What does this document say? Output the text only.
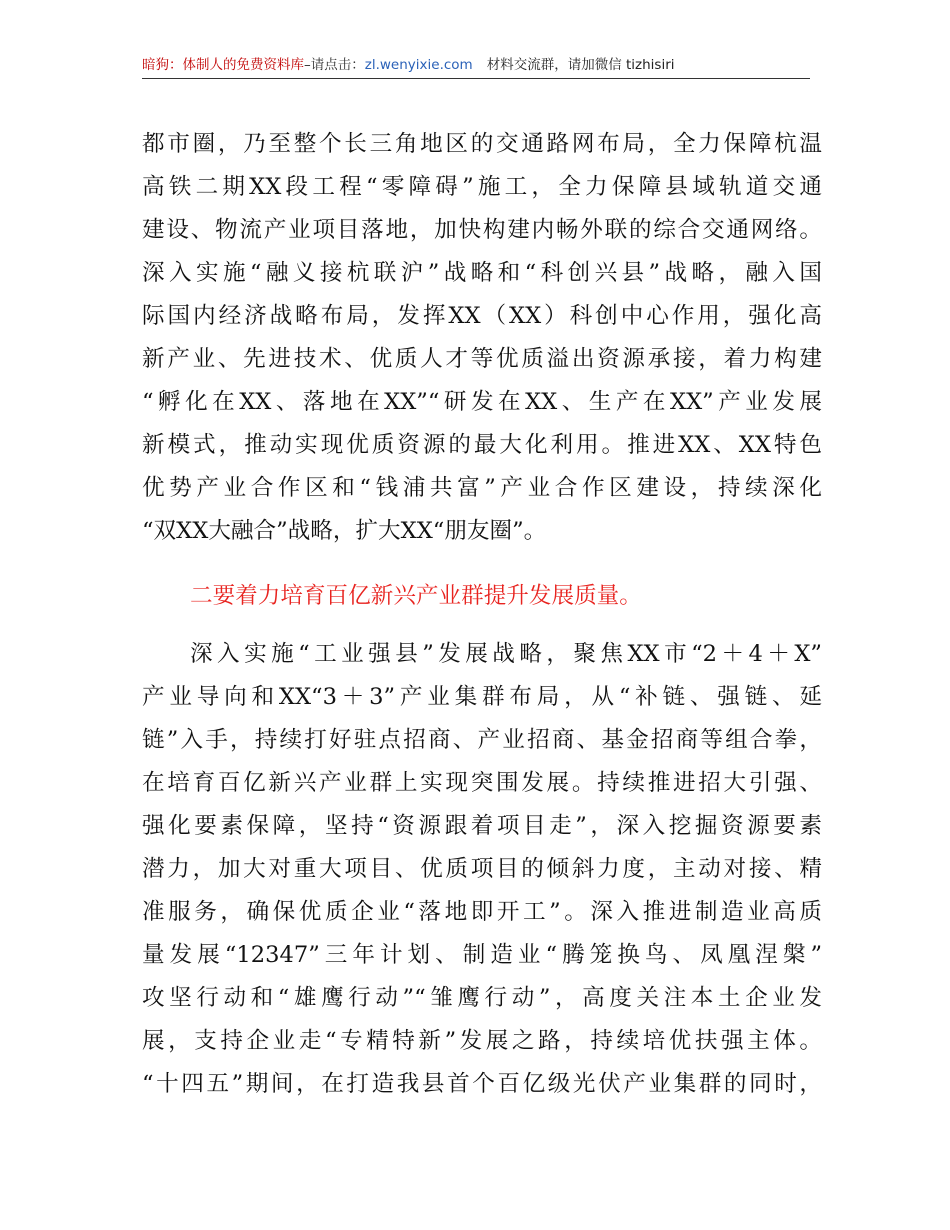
暗狗：体制人的免费资料库–请点击：zl.wenyixie.com 材料交流群，请加微信 tizhisiri
都市圈，乃至整个长三角地区的交通路网布局，全力保障杭温
高铁二期XX段工程“零障碍”施工，全力保障县域轨道交通
建设、物流产业项目落地，加快构建内畅外联的综合交通网络。
深入实施“融义接杭联沪”战略和“科创兴县”战略，融入国
际国内经济战略布局，发挥XX（XX）科创中心作用，强化高
新产业、先进技术、优质人才等优质溢出资源承接，着力构建
“孵化在XX、落地在XX”“研发在XX、生产在XX”产业发展
新模式，推动实现优质资源的最大化利用。推进XX、XX特色
优势产业合作区和“钱浦共富”产业合作区建设，持续深化
“双XX大融合”战略，扩大XX“朋友圈”。
二要着力培育百亿新兴产业群提升发展质量。
深入实施“工业强县”发展战略，聚焦XX市“2＋4＋X”
产业导向和XX“3＋3”产业集群布局，从“补链、强链、延
链”入手，持续打好驻点招商、产业招商、基金招商等组合拳，
在培育百亿新兴产业群上实现突围发展。持续推进招大引强、
强化要素保障，坚持“资源跟着项目走”，深入挖掘资源要素
潜力，加大对重大项目、优质项目的倾斜力度，主动对接、精
准服务，确保优质企业“落地即开工”。深入推进制造业高质
量发展“12347”三年计划、制造业“腾笼换鸟、凤凰涅槃”
攻坚行动和“雄鹰行动”“雏鹰行动”，高度关注本土企业发
展，支持企业走“专精特新”发展之路，持续培优扶强主体。
“十四五”期间，在打造我县首个百亿级光伏产业集群的同时，
